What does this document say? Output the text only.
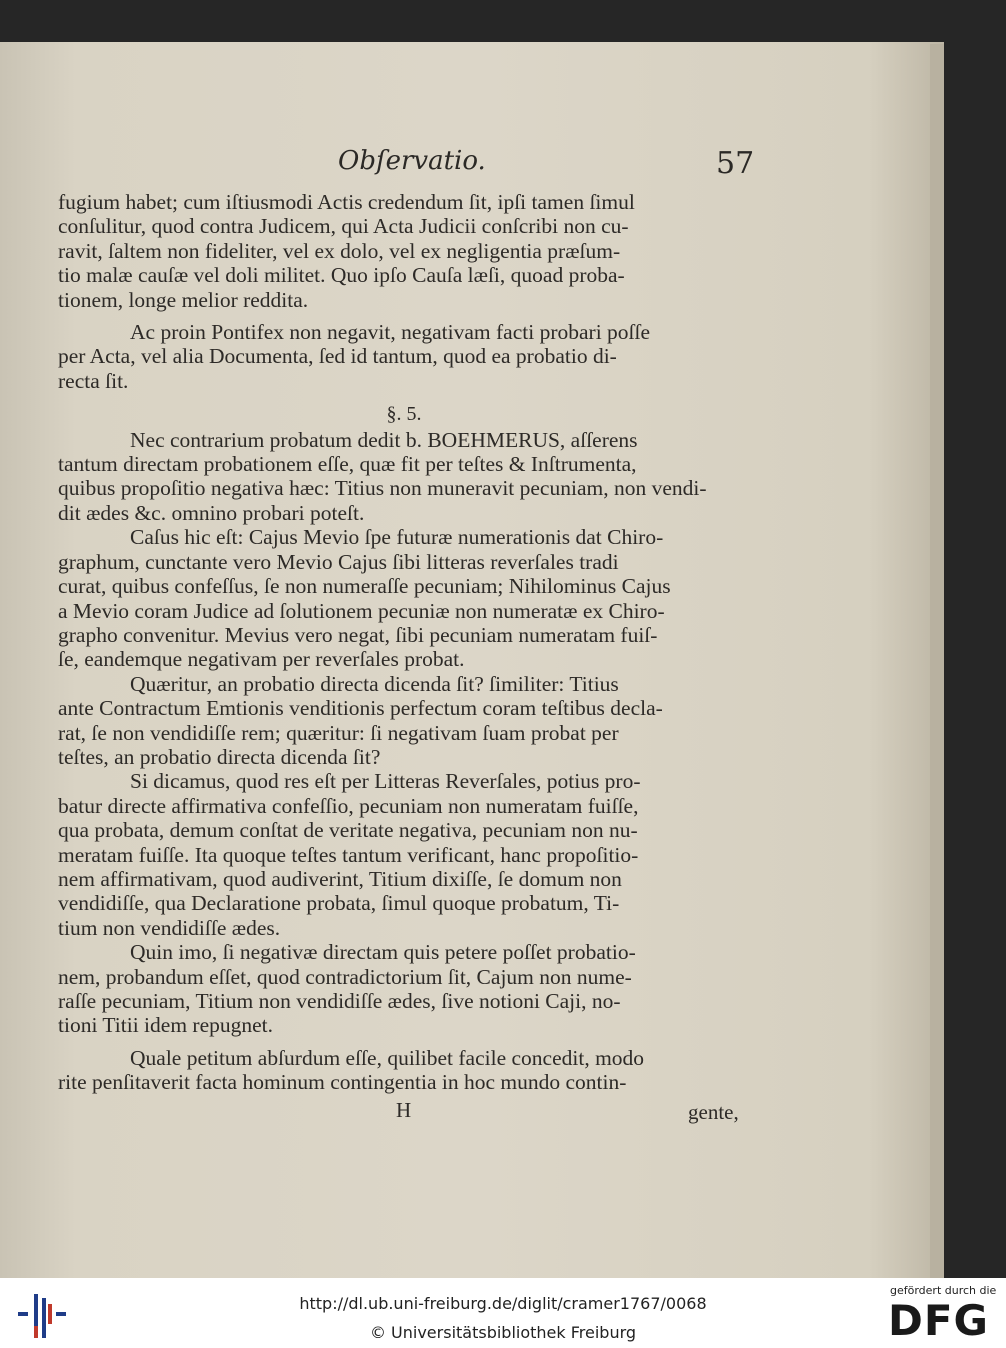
Obſervatio.	57
fugium habet; cum iſtiusmodi Actis credendum ſit, ipſi tamen ſimul
conſulitur, quod contra Judicem, qui Acta Judicii conſcribi non cu-
ravit, ſaltem non fideliter, vel ex dolo, vel ex negligentia præſum-
tio malæ cauſæ vel doli militet. Quo ipſo Cauſa læſi, quoad proba-
tionem, longe melior reddita.
Ac proin Pontifex non negavit, negativam facti probari poſſe
per Acta, vel alia Documenta, ſed id tantum, quod ea probatio di-
recta ſit.
§. 5.
Nec contrarium probatum dedit b. BOEHMERUS, aſſerens
tantum directam probationem eſſe, quæ fit per teſtes & Inſtrumenta,
quibus propoſitio negativa hæc: Titius non muneravit pecuniam, non vendi-
dit ædes &c. omnino probari poteſt.
Caſus hic eſt: Cajus Mevio ſpe futuræ numerationis dat Chiro-
graphum, cunctante vero Mevio Cajus ſibi litteras reverſales tradi
curat, quibus confeſſus, ſe non numeraſſe pecuniam; Nihilominus Cajus
a Mevio coram Judice ad ſolutionem pecuniæ non numeratæ ex Chiro-
grapho convenitur. Mevius vero negat, ſibi pecuniam numeratam fuiſ-
ſe, eandemque negativam per reverſales probat.
Quæritur, an probatio directa dicenda ſit? ſimiliter: Titius
ante Contractum Emtionis venditionis perfectum coram teſtibus decla-
rat, ſe non vendidiſſe rem; quæritur: ſi negativam ſuam probat per
teſtes, an probatio directa dicenda ſit?
Si dicamus, quod res eſt per Litteras Reverſales, potius pro-
batur directe affirmativa confeſſio, pecuniam non numeratam fuiſſe,
qua probata, demum conſtat de veritate negativa, pecuniam non nu-
meratam fuiſſe. Ita quoque teſtes tantum verificant, hanc propoſitio-
nem affirmativam, quod audiverint, Titium dixiſſe, ſe domum non
vendidiſſe, qua Declaratione probata, ſimul quoque probatum, Ti-
tium non vendidiſſe ædes.
Quin imo, ſi negativæ directam quis petere poſſet probatio-
nem, probandum eſſet, quod contradictorium ſit, Cajum non nume-
raſſe pecuniam, Titium non vendidiſſe ædes, ſive notioni Caji, no-
tioni Titii idem repugnet.
Quale petitum abſurdum eſſe, quilibet facile concedit, modo
rite penſitaverit facta hominum contingentia in hoc mundo contin-
H	gente,
http://dl.ub.uni-freiburg.de/diglit/cramer1767/0068
© Universitätsbibliothek Freiburg
gefördert durch die
DFG
